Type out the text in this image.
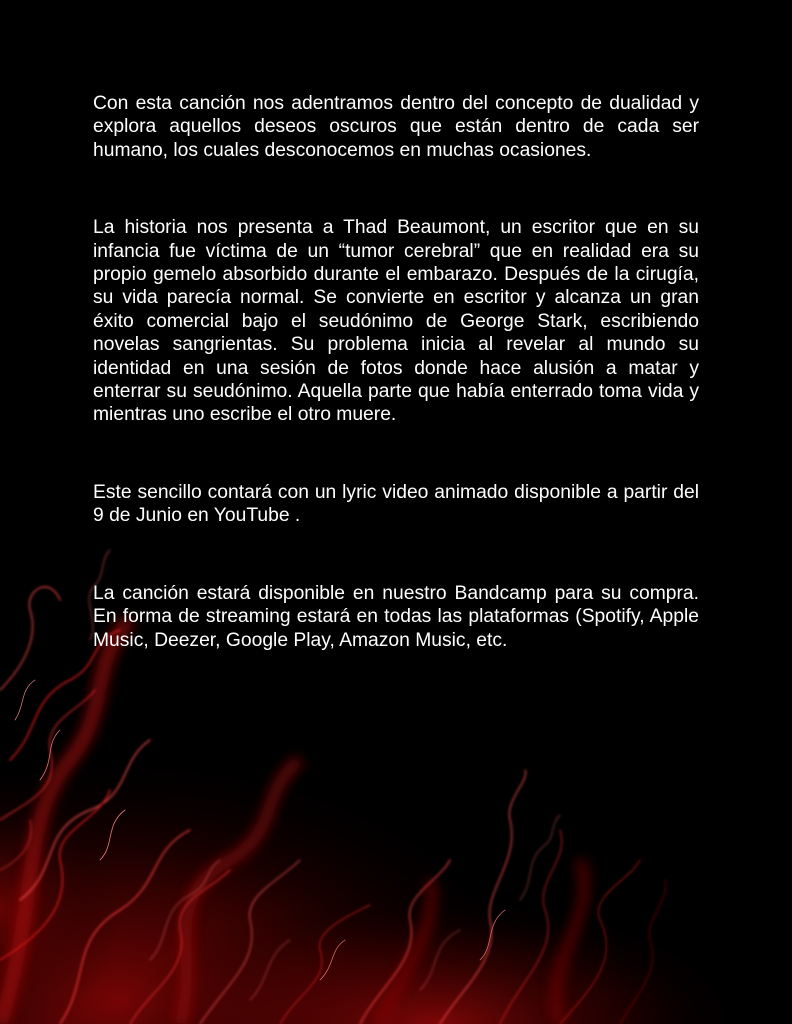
Con esta canción nos adentramos dentro del concepto de dualidad y explora aquellos deseos oscuros que están dentro de cada ser humano, los cuales desconocemos en muchas ocasiones.

La historia nos presenta a Thad Beaumont, un escritor que en su infancia fue víctima de un “tumor cerebral” que en realidad era su propio gemelo absorbido durante el embarazo. Después de la cirugía, su vida parecía normal. Se convierte en escritor y alcanza un gran éxito comercial bajo el seudónimo de George Stark, escribiendo novelas sangrientas. Su problema inicia al revelar al mundo su identidad en una sesión de fotos donde hace alusión a matar y enterrar su seudónimo. Aquella parte que había enterrado toma vida y mientras uno escribe el otro muere.

Este sencillo contará con un lyric video animado disponible a partir del 9 de Junio en YouTube .

La canción estará disponible en nuestro Bandcamp para su compra. En forma de streaming estará en todas las plataformas (Spotify, Apple Music, Deezer, Google Play, Amazon Music, etc.
